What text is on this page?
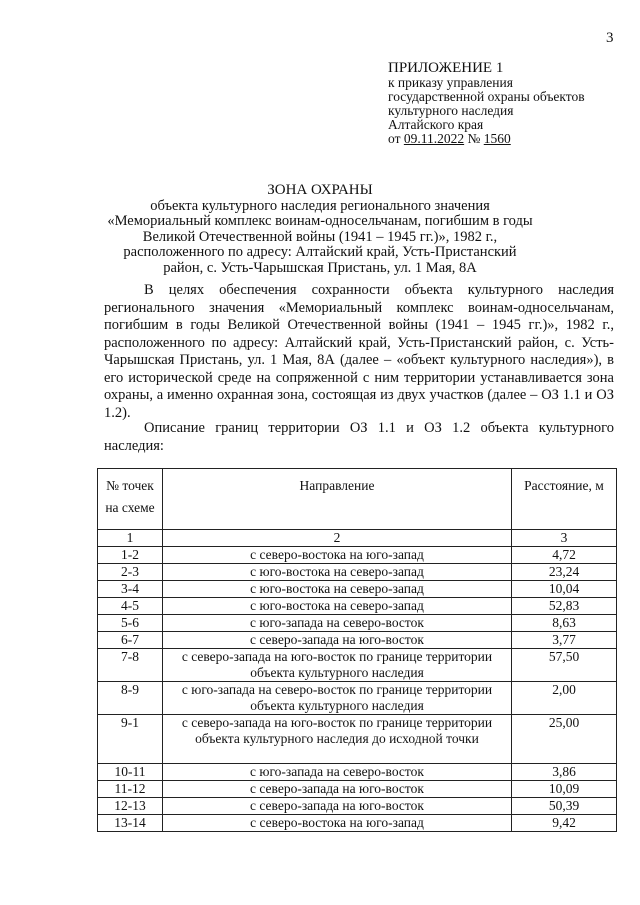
3
ПРИЛОЖЕНИЕ 1
к приказу управления
государственной охраны объектов
культурного наследия
Алтайского края
от 09.11.2022 № 1560
ЗОНА ОХРАНЫ
объекта культурного наследия регионального значения
«Мемориальный комплекс воинам-односельчанам, погибшим в годы
Великой Отечественной войны (1941 – 1945 гг.)», 1982 г.,
расположенного по адресу: Алтайский край, Усть-Пристанский
район, с. Усть-Чарышская Пристань, ул. 1 Мая, 8А

В целях обеспечения сохранности объекта культурного наследия регионального значения «Мемориальный комплекс воинам-односельчанам, погибшим в годы Великой Отечественной войны (1941 – 1945 гг.)», 1982 г., расположенного по адресу: Алтайский край, Усть-Пристанский район, с. Усть-Чарышская Пристань, ул. 1 Мая, 8А (далее – «объект культурного наследия»), в его исторической среде на сопряженной с ним территории устанавливается зона охраны, а именно охранная зона, состоящая из двух участков (далее – ОЗ 1.1 и ОЗ 1.2).

Описание границ территории ОЗ 1.1 и ОЗ 1.2 объекта культурного наследия:

№ точек на схеме	Направление	Расстояние, м
1	2	3
1-2	с северо-востока на юго-запад	4,72
2-3	с юго-востока на северо-запад	23,24
3-4	с юго-востока на северо-запад	10,04
4-5	с юго-востока на северо-запад	52,83
5-6	с юго-запада на северо-восток	8,63
6-7	с северо-запада на юго-восток	3,77
7-8	с северо-запада на юго-восток по границе территории объекта культурного наследия	57,50
8-9	с юго-запада на северо-восток по границе территории объекта культурного наследия	2,00
9-1	с северо-запада на юго-восток по границе территории объекта культурного наследия до исходной точки	25,00
10-11	с юго-запада на северо-восток	3,86
11-12	с северо-запада на юго-восток	10,09
12-13	с северо-запада на юго-восток	50,39
13-14	с северо-востока на юго-запад	9,42
